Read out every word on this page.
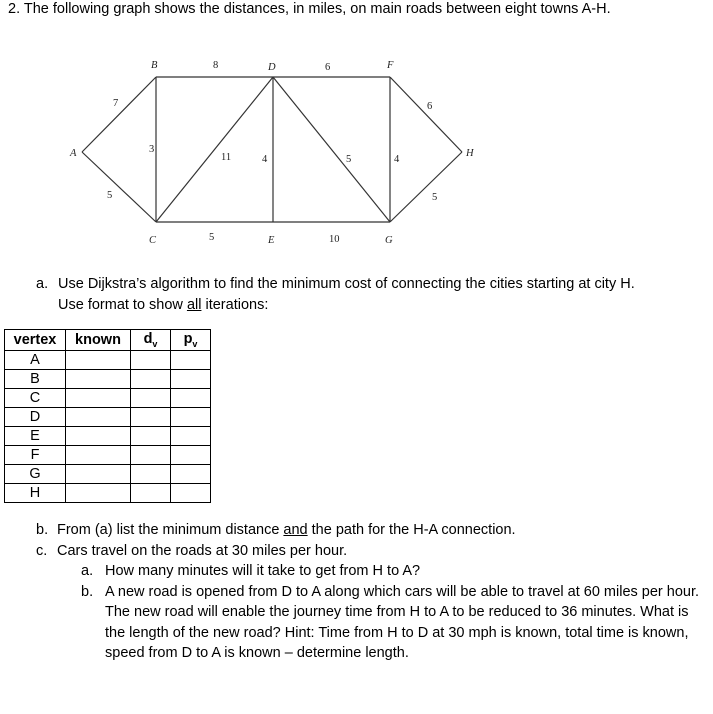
2. The following graph shows the distances, in miles, on main roads between eight towns A-H.
7
5
3
8
11
5
4
6
5
10
4
6
5
A
B
C
D
E
F
G
H
a. Use Dijkstra’s algorithm to find the minimum cost of connecting the cities starting at city H.
Use format to show all iterations:
vertex	known	$d_v$	$p_v$
A			
B			
C			
D			
E			
F			
G			
H			
b. From (a) list the minimum distance and the path for the H-A connection.
c. Cars travel on the roads at 30 miles per hour.
a. How many minutes will it take to get from H to A?
b. A new road is opened from D to A along which cars will be able to travel at 60 miles per hour. The new road will enable the journey time from H to A to be reduced to 36 minutes. What is the length of the new road? Hint: Time from H to D at 30 mph is known, total time is known, speed from D to A is known – determine length.
